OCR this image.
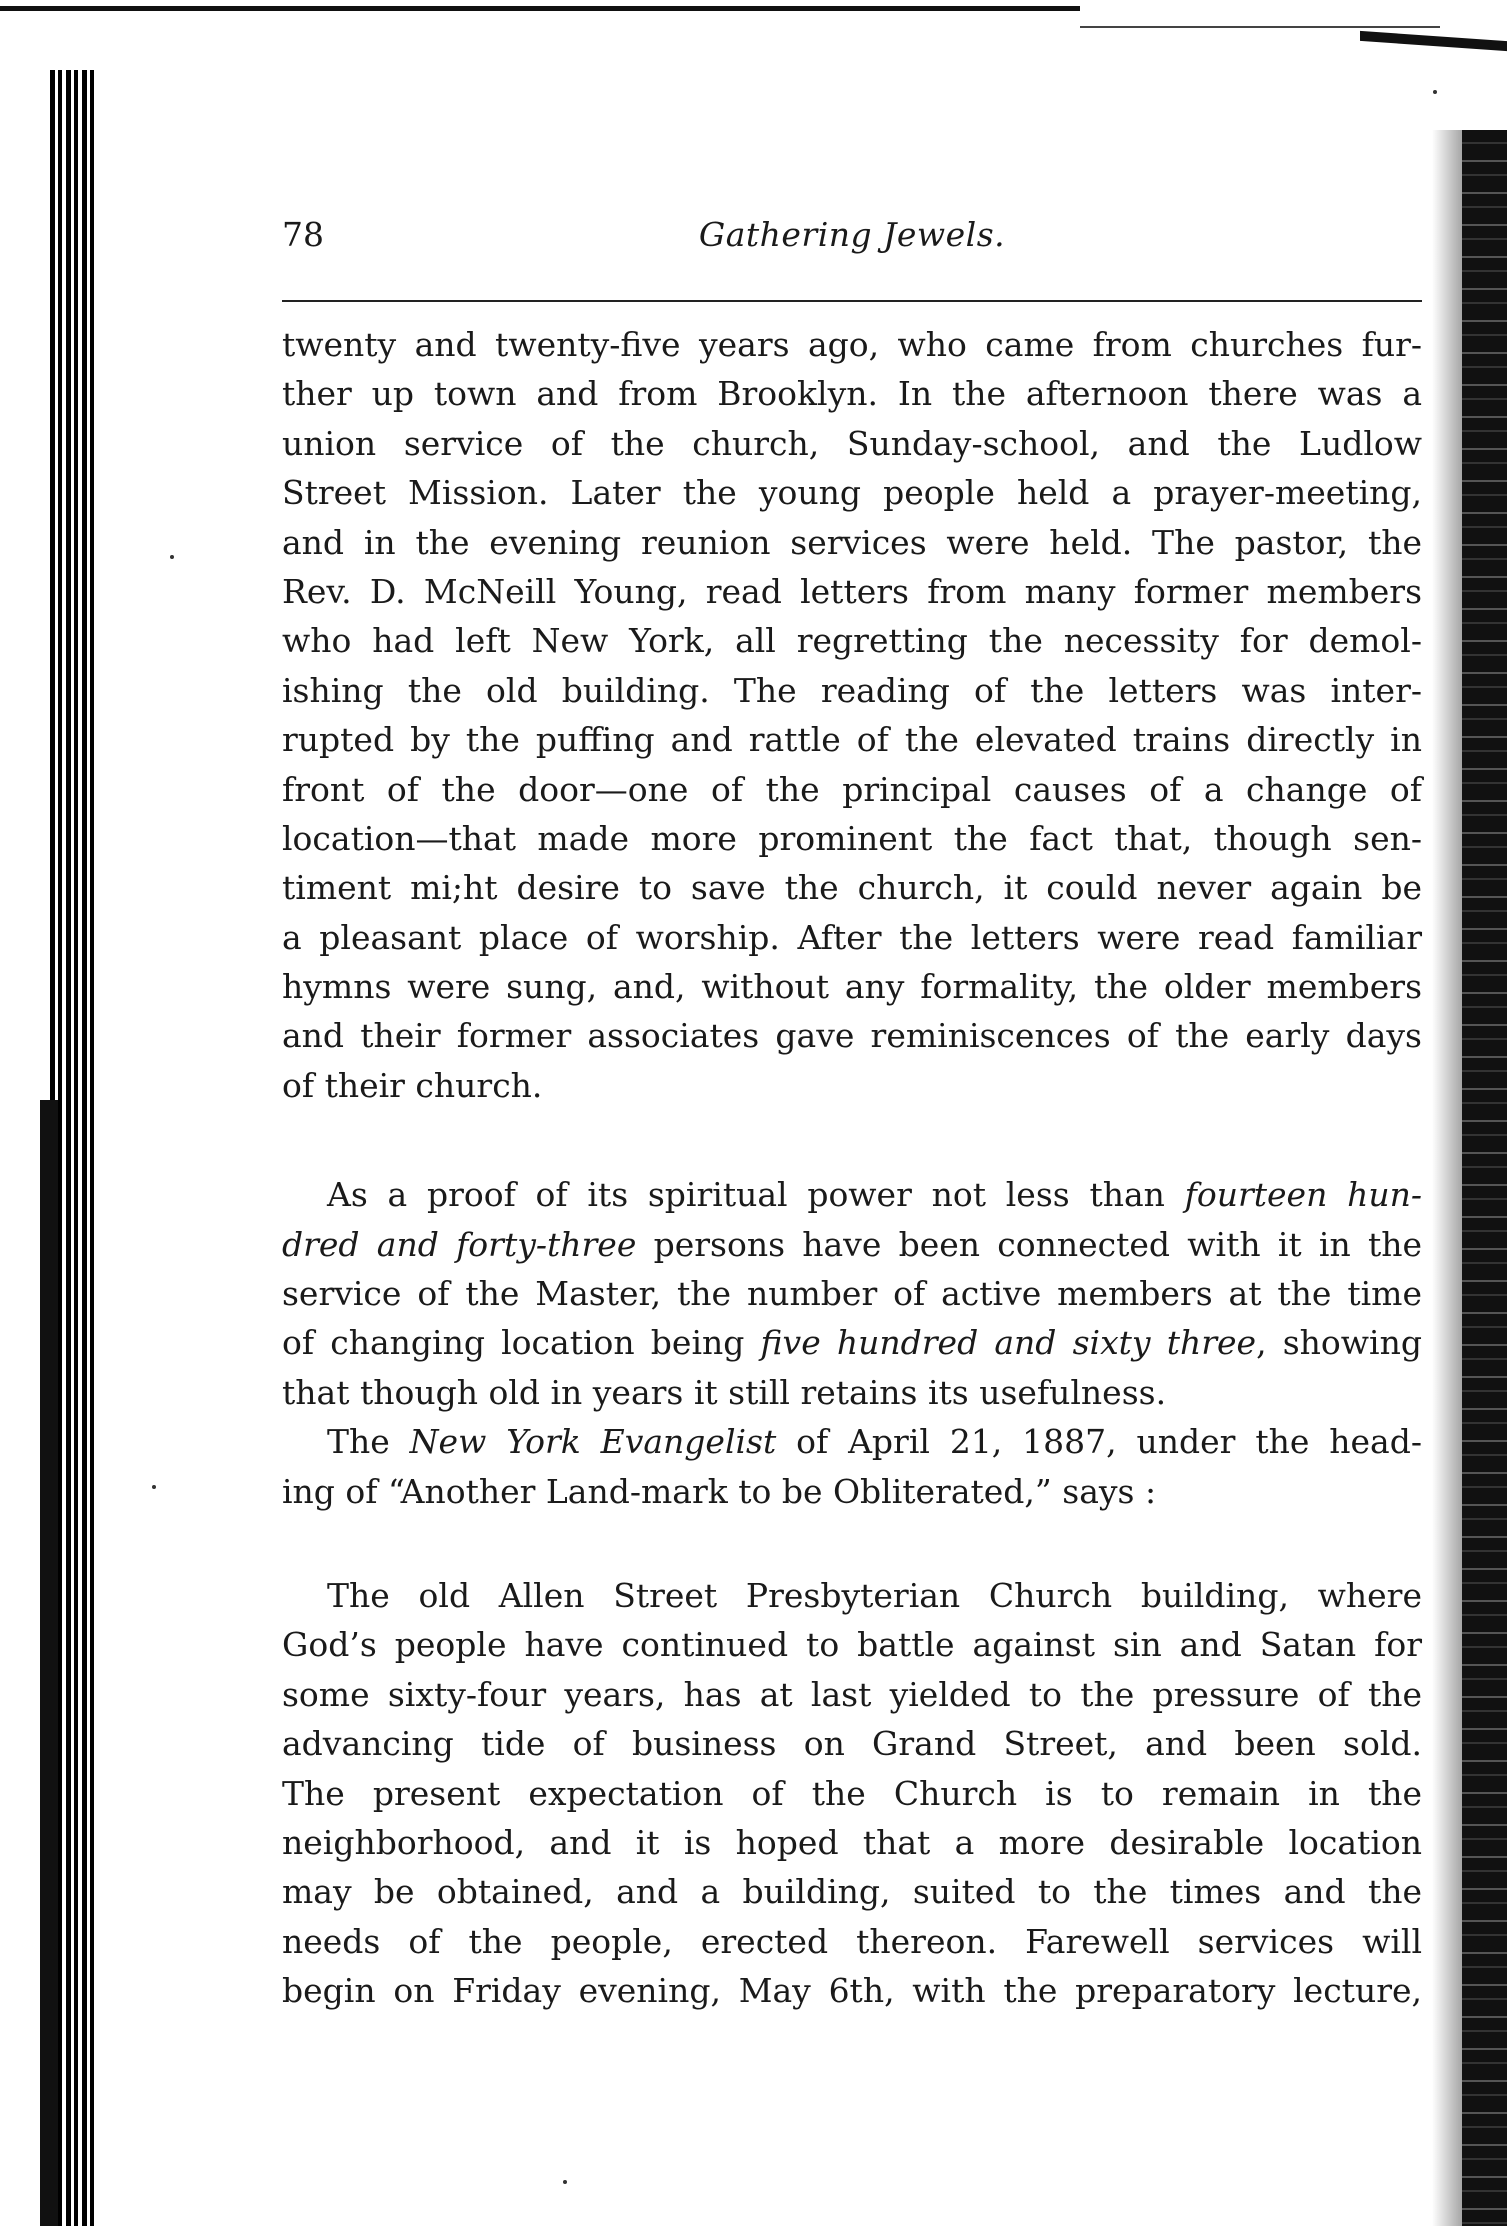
78	Gathering Jewels.
twenty and twenty-five years ago, who came from churches fur-
ther up town and from Brooklyn. In the afternoon there was a
union service of the church, Sunday-school, and the Ludlow
Street Mission. Later the young people held a prayer-meeting,
and in the evening reunion services were held. The pastor, the
Rev. D. McNeill Young, read letters from many former members
who had left New York, all regretting the necessity for demol-
ishing the old building. The reading of the letters was inter-
rupted by the puffing and rattle of the elevated trains directly in
front of the door—one of the principal causes of a change of
location—that made more prominent the fact that, though sen-
timent mi;ht desire to save the church, it could never again be
a pleasant place of worship. After the letters were read familiar
hymns were sung, and, without any formality, the older members
and their former associates gave reminiscences of the early days
of their church.
As a proof of its spiritual power not less than fourteen hun-
dred and forty-three persons have been connected with it in the
service of the Master, the number of active members at the time
of changing location being five hundred and sixty three, showing
that though old in years it still retains its usefulness.
The New York Evangelist of April 21, 1887, under the head-
ing of “Another Land-mark to be Obliterated,” says :
The old Allen Street Presbyterian Church building, where
God’s people have continued to battle against sin and Satan for
some sixty-four years, has at last yielded to the pressure of the
advancing tide of business on Grand Street, and been sold.
The present expectation of the Church is to remain in the
neighborhood, and it is hoped that a more desirable location
may be obtained, and a building, suited to the times and the
needs of the people, erected thereon. Farewell services will
begin on Friday evening, May 6th, with the preparatory lecture,
